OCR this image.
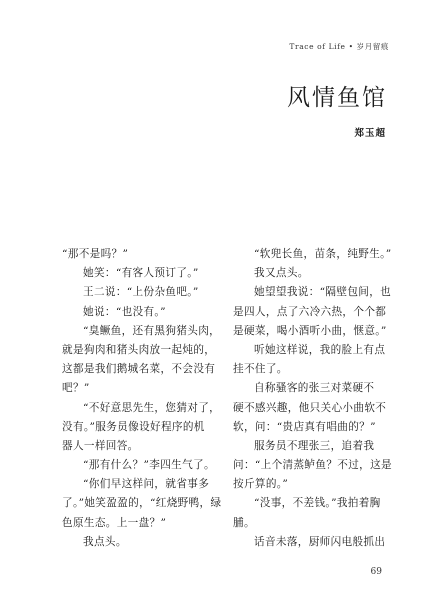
Trace of Life • 岁月留痕
风情鱼馆

郑玉超

“那不是吗？”
她笑：“有客人预订了。”
王二说：“上份杂鱼吧。”
她说：“也没有。”
“臭鳜鱼，还有黑狗猪头肉，
就是狗肉和猪头肉放一起炖的，
这都是我们鹅城名菜，不会没有
吧？”
“不好意思先生，您猜对了，
没有。”服务员像设好程序的机
器人一样回答。
“那有什么？”李四生气了。
“你们早这样问，就省事多
了。”她笑盈盈的，“红烧野鸭，绿
色原生态。上一盘？”
我点头。
“软兜长鱼，苗条，纯野生。”
我又点头。
她望望我说：“隔壁包间，也
是四人，点了六冷六热，个个都
是硬菜，喝小酒听小曲，惬意。”
听她这样说，我的脸上有点
挂不住了。
自称骚客的张三对菜硬不
硬不感兴趣，他只关心小曲软不
软，问：“贵店真有唱曲的？”
服务员不理张三，追着我
问：“上个清蒸鲈鱼？不过，这是
按斤算的。”
“没事，不差钱。”我拍着胸
脯。
话音未落，厨师闪电般抓出
69
